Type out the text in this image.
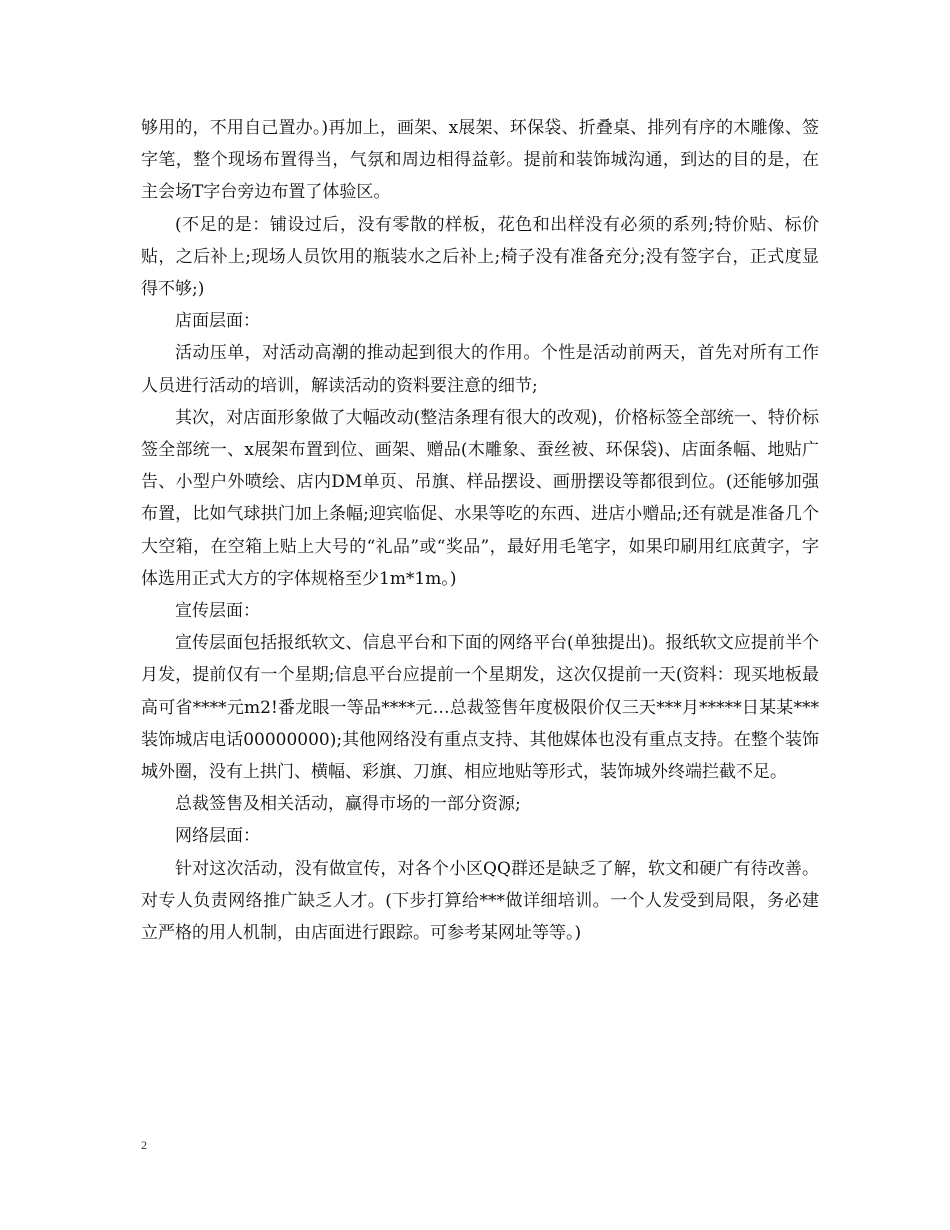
够用的，不用自己置办。)再加上，画架、x展架、环保袋、折叠桌、排列有序的木雕像、签字笔，整个现场布置得当，气氛和周边相得益彰。提前和装饰城沟通，到达的目的是，在主会场T字台旁边布置了体验区。

(不足的是：铺设过后，没有零散的样板，花色和出样没有必须的系列;特价贴、标价贴，之后补上;现场人员饮用的瓶装水之后补上;椅子没有准备充分;没有签字台，正式度显得不够;)

店面层面：

活动压单，对活动高潮的推动起到很大的作用。个性是活动前两天，首先对所有工作人员进行活动的培训，解读活动的资料要注意的细节;

其次，对店面形象做了大幅改动(整洁条理有很大的改观)，价格标签全部统一、特价标签全部统一、x展架布置到位、画架、赠品(木雕象、蚕丝被、环保袋)、店面条幅、地贴广告、小型户外喷绘、店内DM单页、吊旗、样品摆设、画册摆设等都很到位。(还能够加强布置，比如气球拱门加上条幅;迎宾临促、水果等吃的东西、进店小赠品;还有就是准备几个大空箱，在空箱上贴上大号的“礼品”或“奖品”，最好用毛笔字，如果印刷用红底黄字，字体选用正式大方的字体规格至少1m*1m。)

宣传层面：

宣传层面包括报纸软文、信息平台和下面的网络平台(单独提出)。报纸软文应提前半个月发，提前仅有一个星期;信息平台应提前一个星期发，这次仅提前一天(资料：现买地板最高可省****元m2!番龙眼一等品****元…总裁签售年度极限价仅三天***月*****日某某***装饰城店电话00000000);其他网络没有重点支持、其他媒体也没有重点支持。在整个装饰城外圈，没有上拱门、横幅、彩旗、刀旗、相应地贴等形式，装饰城外终端拦截不足。

总裁签售及相关活动，赢得市场的一部分资源;

网络层面：

针对这次活动，没有做宣传，对各个小区QQ群还是缺乏了解，软文和硬广有待改善。对专人负责网络推广缺乏人才。(下步打算给***做详细培训。一个人发受到局限，务必建立严格的用人机制，由店面进行跟踪。可参考某网址等等。)

2
